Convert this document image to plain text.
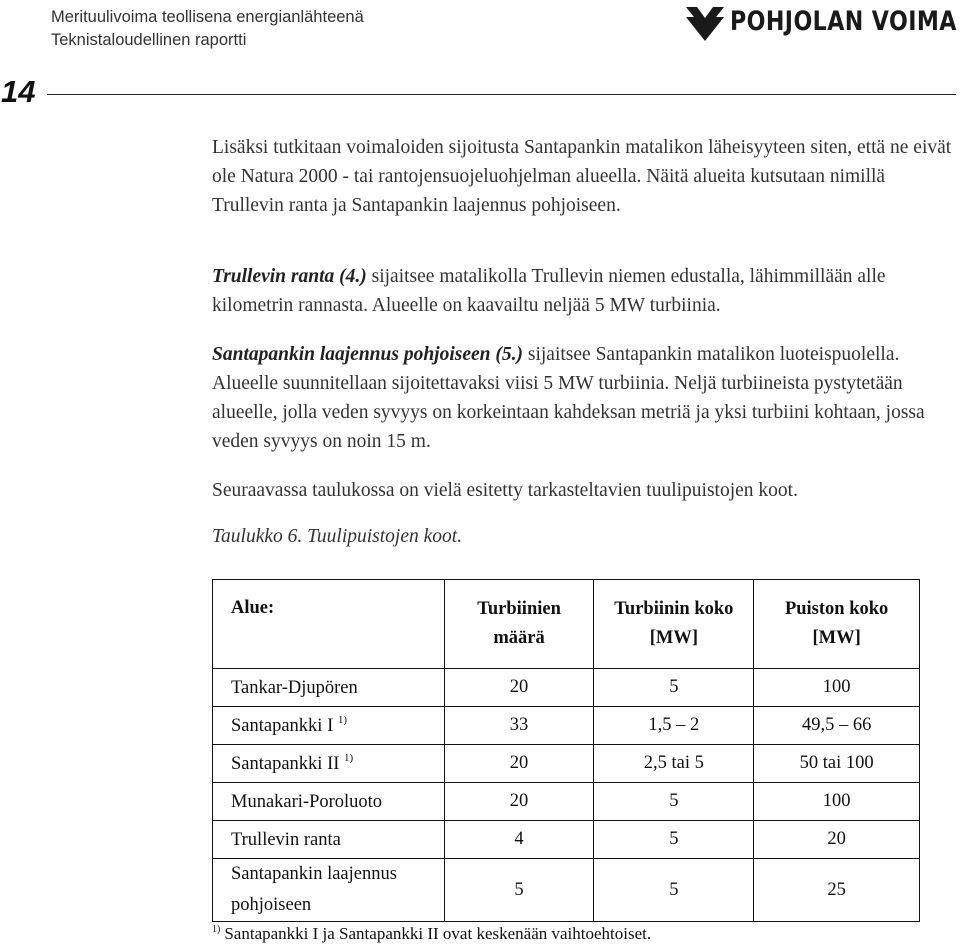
Merituulivoima teollisena energianlähteenä
Teknistaloudellinen raportti
POHJOLAN VOIMA
14

Lisäksi tutkitaan voimaloiden sijoitusta Santapankin matalikon läheisyyteen siten, että ne eivät ole Natura 2000 - tai rantojensuojeluohjelman alueella. Näitä alueita kutsutaan nimillä Trullevin ranta ja Santapankin laajennus pohjoiseen.

Trullevin ranta (4.) sijaitsee matalikolla Trullevin niemen edustalla, lähimmillään alle kilometrin rannasta. Alueelle on kaavailtu neljää 5 MW turbiinia.

Santapankin laajennus pohjoiseen (5.) sijaitsee Santapankin matalikon luoteispuolella. Alueelle suunnitellaan sijoitettavaksi viisi 5 MW turbiinia. Neljä turbiineista pystytetään alueelle, jolla veden syvyys on korkeintaan kahdeksan metriä ja yksi turbiini kohtaan, jossa veden syvyys on noin 15 m.

Seuraavassa taulukossa on vielä esitetty tarkasteltavien tuulipuistojen koot.

Taulukko 6. Tuulipuistojen koot.

Alue:	Turbiinien määrä	Turbiinin koko [MW]	Puiston koko [MW]
Tankar-Djupören	20	5	100
Santapankki I $^{1)}$	33	1,5 – 2	49,5 – 66
Santapankki II $^{1)}$	20	2,5 tai 5	50 tai 100
Munakari-Poroluoto	20	5	100
Trullevin ranta	4	5	20
Santapankin laajennus pohjoiseen	5	5	25
$^{1)}$ Santapankki I ja Santapankki II ovat keskenään vaihtoehtoiset.
